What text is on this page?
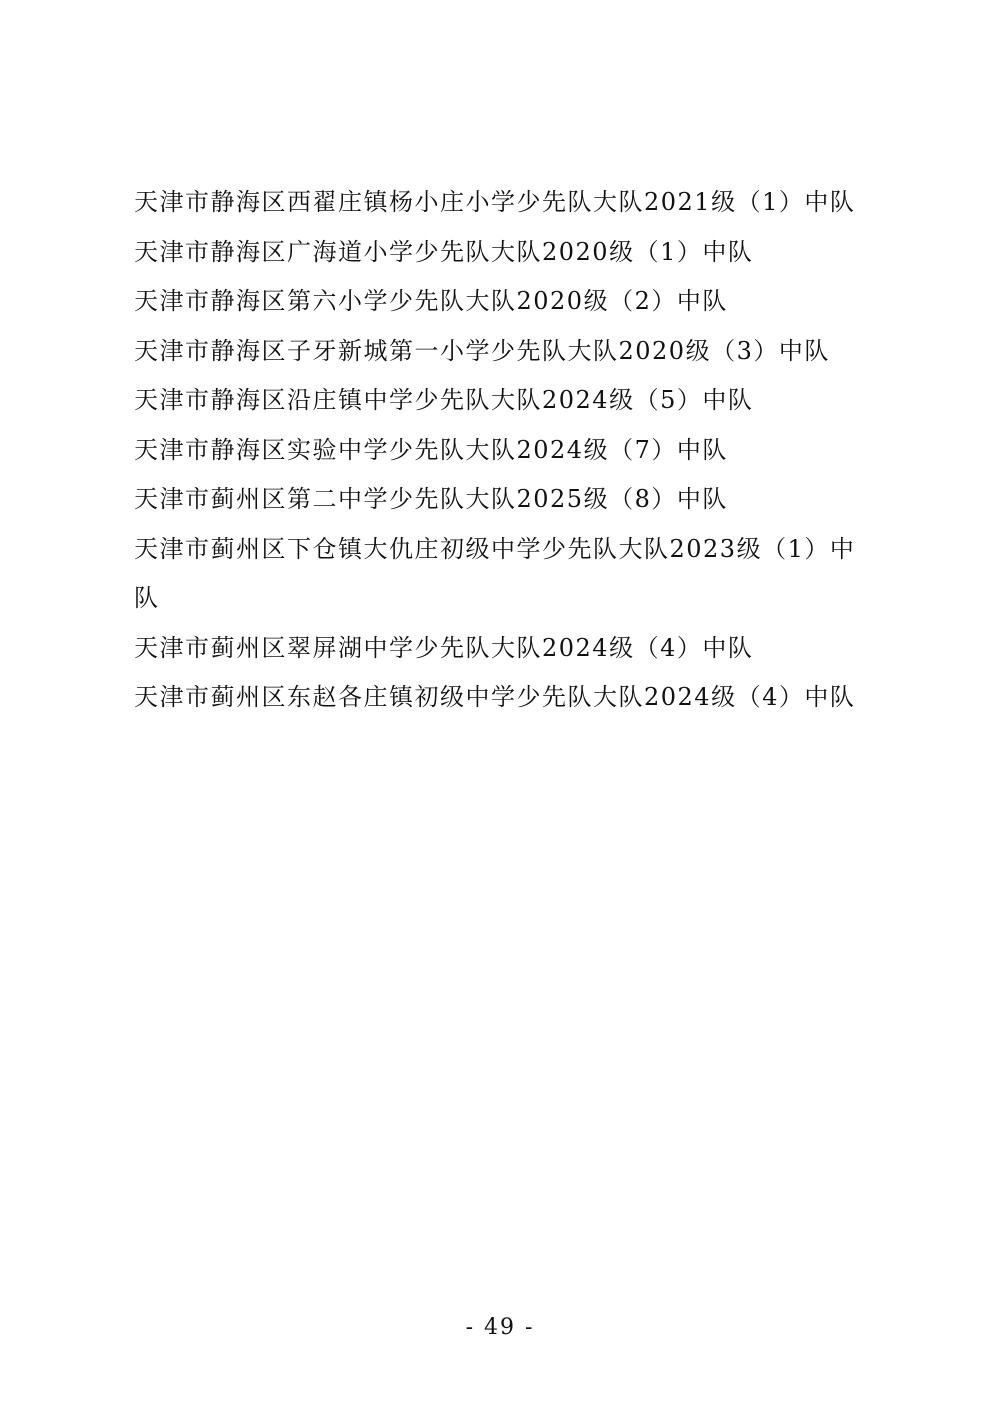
天津市静海区西翟庄镇杨小庄小学少先队大队2021级（1）中队
天津市静海区广海道小学少先队大队2020级（1）中队
天津市静海区第六小学少先队大队2020级（2）中队
天津市静海区子牙新城第一小学少先队大队2020级（3）中队
天津市静海区沿庄镇中学少先队大队2024级（5）中队
天津市静海区实验中学少先队大队2024级（7）中队
天津市蓟州区第二中学少先队大队2025级（8）中队
天津市蓟州区下仓镇大仇庄初级中学少先队大队2023级（1）中队
天津市蓟州区翠屏湖中学少先队大队2024级（4）中队
天津市蓟州区东赵各庄镇初级中学少先队大队2024级（4）中队
- 49 -
